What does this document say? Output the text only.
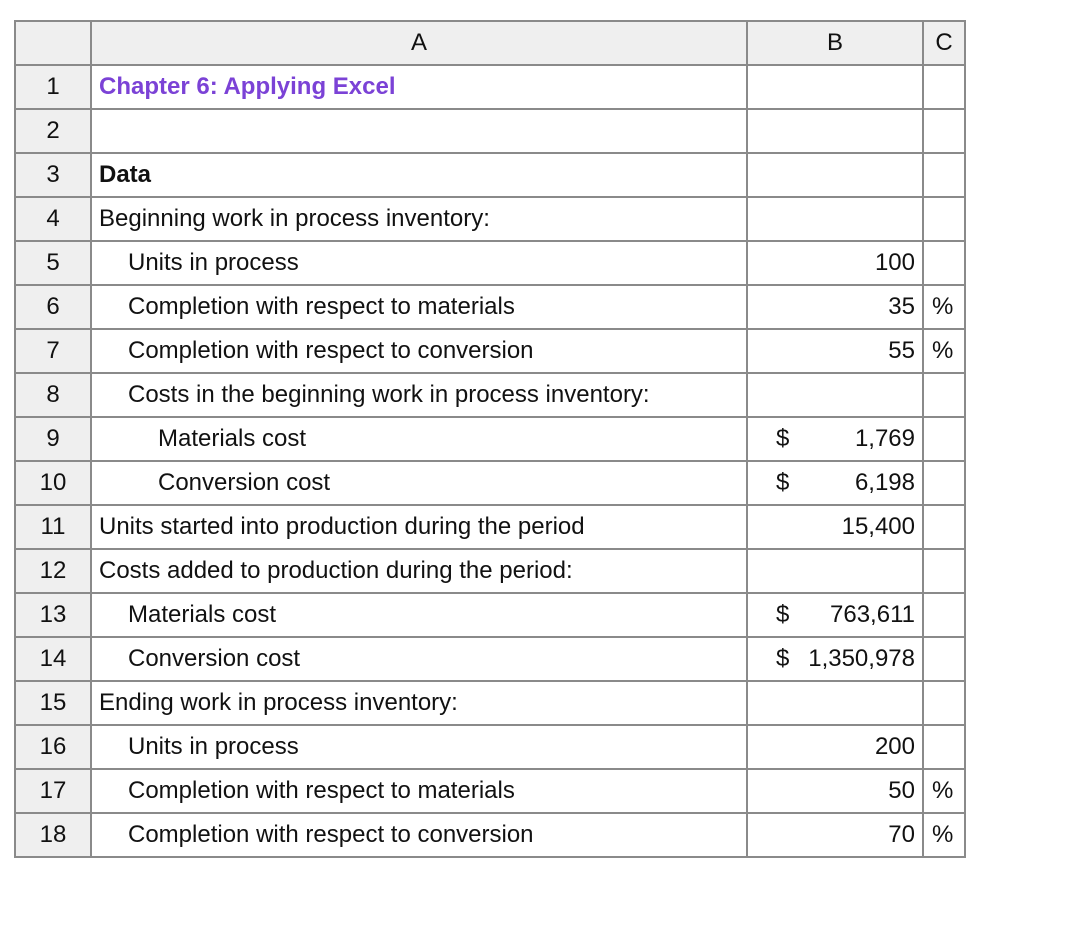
	A	B	C
1	Chapter 6: Applying Excel	

2		

3	Data	

4	Beginning work in process inventory:	

5	Units in process	100	

6	Completion with respect to materials	35	%
7	Completion with respect to conversion	55	%
8	Costs in the beginning work in process inventory:	

9	Materials cost	$ 1,769	

10	Conversion cost	$ 6,198	

11	Units started into production during the period	15,400	

12	Costs added to production during the period:	

13	Materials cost	$ 763,611	

14	Conversion cost	$ 1,350,978	

15	Ending work in process inventory:	

16	Units in process	200	

17	Completion with respect to materials	50	%
18	Completion with respect to conversion	70	%
